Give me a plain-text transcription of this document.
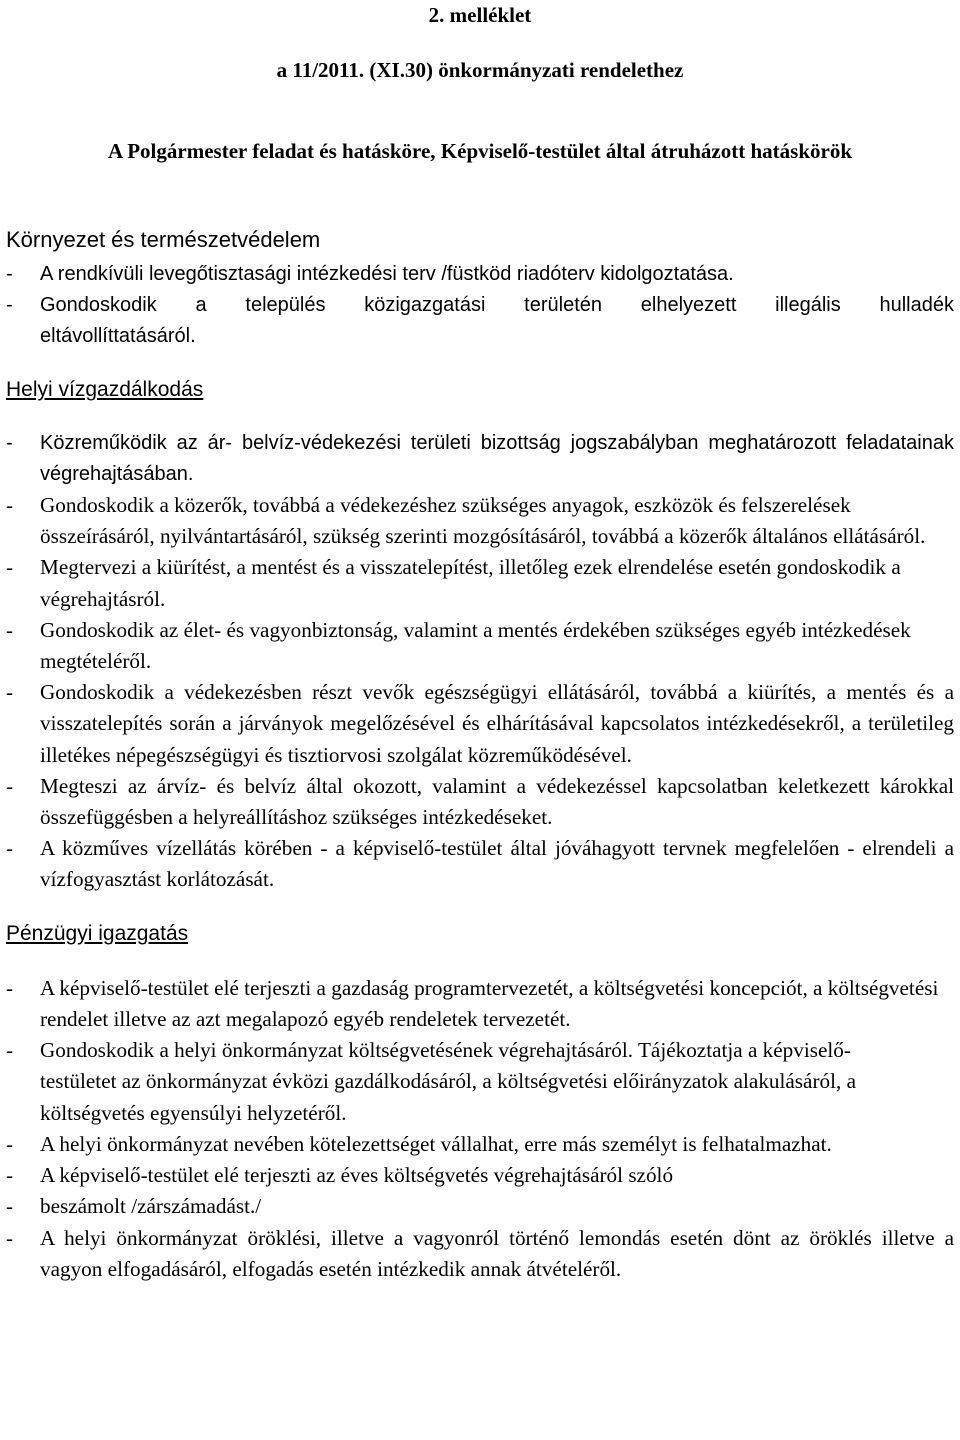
2. melléklet

a 11/2011. (XI.30) önkormányzati rendelethez

A Polgármester feladat és hatásköre, Képviselő-testület által átruházott hatáskörök

Környezet és természetvédelem

- A rendkívüli levegőtisztasági intézkedési terv /füstköd riadóterv kidolgoztatása.
- Gondoskodik a település közigazgatási területén elhelyezett illegális hulladék eltávollíttatásáról.

Helyi vízgazdálkodás

- Közreműködik az ár- belvíz-védekezési területi bizottság jogszabályban meghatározott feladatainak végrehajtásában.
- Gondoskodik a közerők, továbbá a védekezéshez szükséges anyagok, eszközök és felszerelések összeírásáról, nyilvántartásáról, szükség szerinti mozgósításáról, továbbá a közerők általános ellátásáról.
- Megtervezi a kiürítést, a mentést és a visszatelepítést, illetőleg ezek elrendelése esetén gondoskodik a végrehajtásról.
- Gondoskodik az élet- és vagyonbiztonság, valamint a mentés érdekében szükséges egyéb intézkedések megtételéről.
- Gondoskodik a védekezésben részt vevők egészségügyi ellátásáról, továbbá a kiürítés, a mentés és a visszatelepítés során a járványok megelőzésével és elhárításával kapcsolatos intézkedésekről, a területileg illetékes népegészségügyi és tisztiorvosi szolgálat közreműködésével.
- Megteszi az árvíz- és belvíz által okozott, valamint a védekezéssel kapcsolatban keletkezett károkkal összefüggésben a helyreállításhoz szükséges intézkedéseket.
- A közműves vízellátás körében - a képviselő-testület által jóváhagyott tervnek megfelelően - elrendeli a vízfogyasztást korlátozását.

Pénzügyi igazgatás

- A képviselő-testület elé terjeszti a gazdaság programtervezetét, a költségvetési koncepciót, a költségvetési rendelet illetve az azt megalapozó egyéb rendeletek tervezetét.
- Gondoskodik a helyi önkormányzat költségvetésének végrehajtásáról. Tájékoztatja a képviselő-testületet az önkormányzat évközi gazdálkodásáról, a költségvetési előirányzatok alakulásáról, a költségvetés egyensúlyi helyzetéről.
- A helyi önkormányzat nevében kötelezettséget vállalhat, erre más személyt is felhatalmazhat.
- A képviselő-testület elé terjeszti az éves költségvetés végrehajtásáról szóló
- beszámolt /zárszámadást./
- A helyi önkormányzat öröklési, illetve a vagyonról történő lemondás esetén dönt az öröklés illetve a vagyon elfogadásáról, elfogadás esetén intézkedik annak átvételéről.
